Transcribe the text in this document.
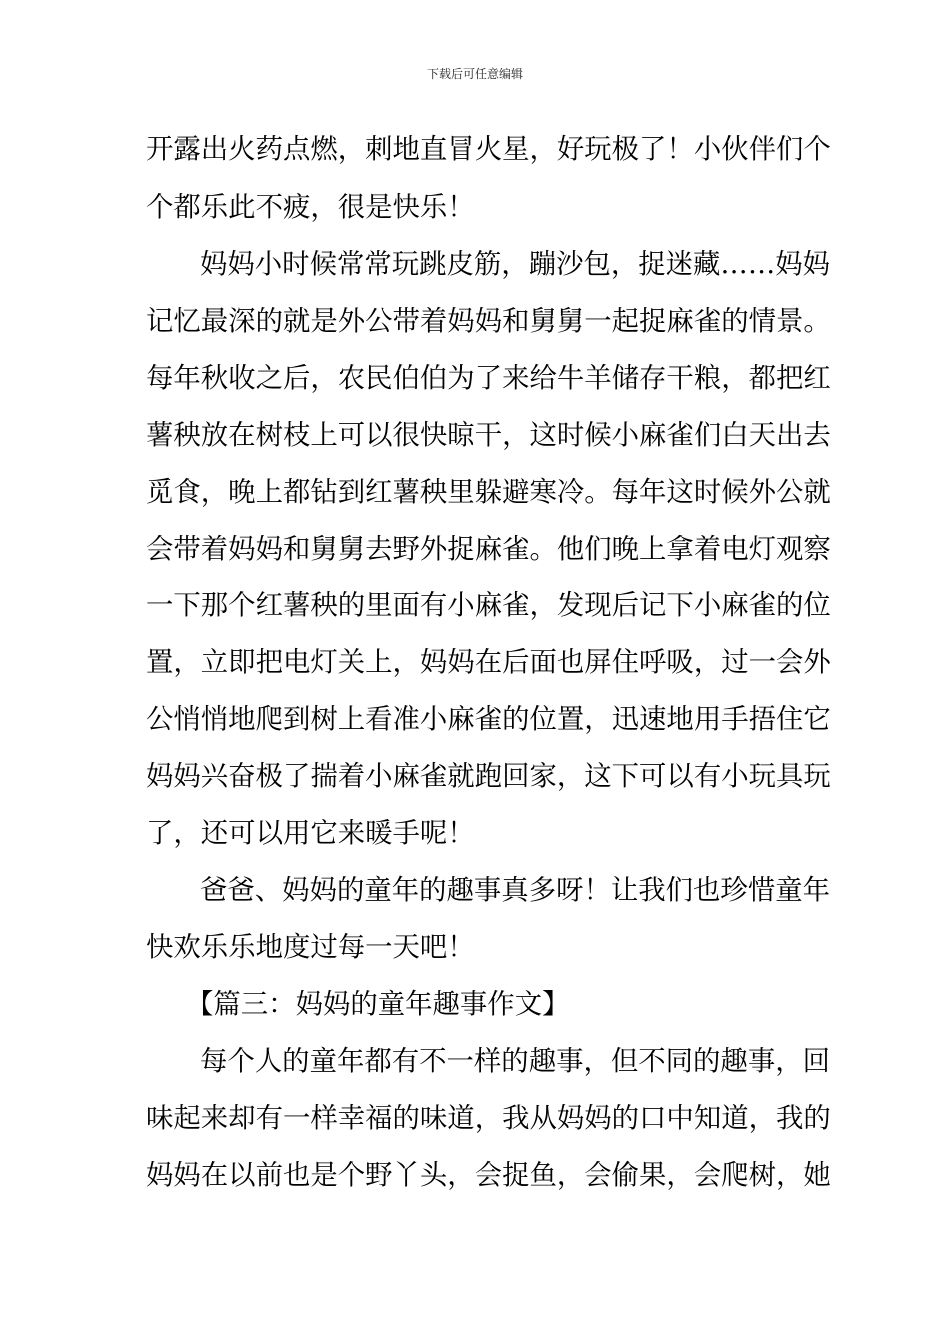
下载后可任意编辑
开露出火药点燃，刺地直冒火星，好玩极了！小伙伴们个
个都乐此不疲，很是快乐！
妈妈小时候常常玩跳皮筋，蹦沙包，捉迷藏……妈妈
记忆最深的就是外公带着妈妈和舅舅一起捉麻雀的情景。
每年秋收之后，农民伯伯为了来给牛羊储存干粮，都把红
薯秧放在树枝上可以很快晾干，这时候小麻雀们白天出去
觅食，晚上都钻到红薯秧里躲避寒冷。每年这时候外公就
会带着妈妈和舅舅去野外捉麻雀。他们晚上拿着电灯观察
一下那个红薯秧的里面有小麻雀，发现后记下小麻雀的位
置，立即把电灯关上，妈妈在后面也屏住呼吸，过一会外
公悄悄地爬到树上看准小麻雀的位置，迅速地用手捂住它
妈妈兴奋极了揣着小麻雀就跑回家，这下可以有小玩具玩
了，还可以用它来暖手呢！
爸爸、妈妈的童年的趣事真多呀！让我们也珍惜童年
快欢乐乐地度过每一天吧！
【篇三：妈妈的童年趣事作文】
每个人的童年都有不一样的趣事，但不同的趣事，回
味起来却有一样幸福的味道，我从妈妈的口中知道，我的
妈妈在以前也是个野丫头，会捉鱼，会偷果，会爬树，她
